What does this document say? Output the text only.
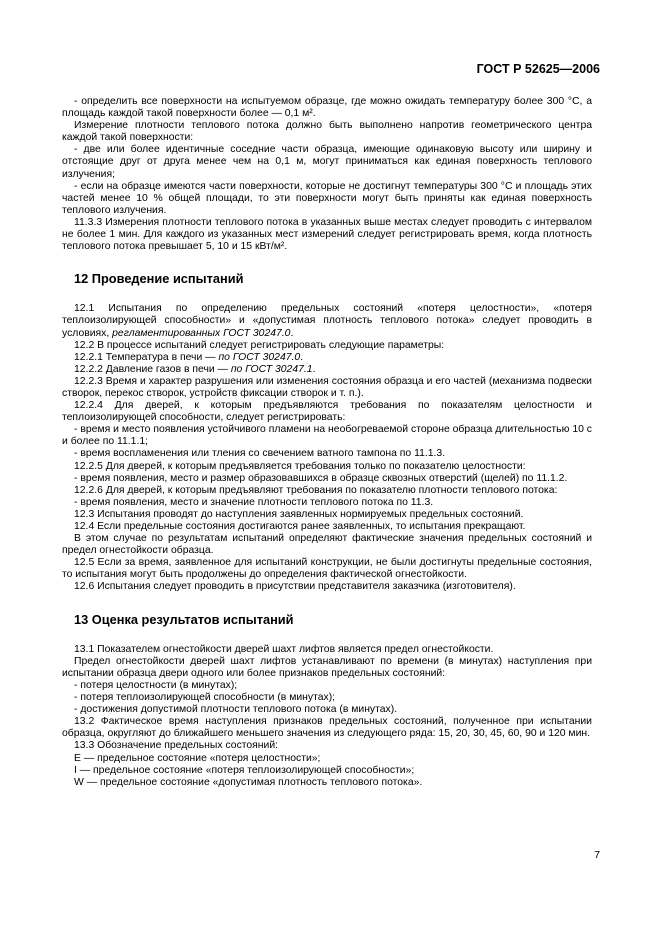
ГОСТ Р 52625—2006

- определить все поверхности на испытуемом образце, где можно ожидать температуру более 300 °С, а площадь каждой такой поверхности более — 0,1 м².

Измерение плотности теплового потока должно быть выполнено напротив геометрического центра каждой такой поверхности:

- две или более идентичные соседние части образца, имеющие одинаковую высоту или ширину и отстоящие друг от друга менее чем на 0,1 м, могут приниматься как единая поверхность теплового излучения;

- если на образце имеются части поверхности, которые не достигнут температуры 300 °С и площадь этих частей менее 10 % общей площади, то эти поверхности могут быть приняты как единая поверхность теплового излучения.

11.3.3 Измерения плотности теплового потока в указанных выше местах следует проводить с интервалом не более 1 мин. Для каждого из указанных мест измерений следует регистрировать время, когда плотность теплового потока превышает 5, 10 и 15 кВт/м².

12 Проведение испытаний

12.1 Испытания по определению предельных состояний «потеря целостности», «потеря теплоизолирующей способности» и «допустимая плотность теплового потока» следует проводить в условиях, регламентированных ГОСТ 30247.0.

12.2 В процессе испытаний следует регистрировать следующие параметры:

12.2.1 Температура в печи — по ГОСТ 30247.0.

12.2.2 Давление газов в печи — по ГОСТ 30247.1.

12.2.3 Время и характер разрушения или изменения состояния образца и его частей (механизма подвески створок, перекос створок, устройств фиксации створок и т. п.).

12.2.4 Для дверей, к которым предъявляются требования по показателям целостности и теплоизолирующей способности, следует регистрировать:

- время и место появления устойчивого пламени на необогреваемой стороне образца длительностью 10 с и более по 11.1.1;

- время воспламенения или тления со свечением ватного тампона по 11.1.3.

12.2.5 Для дверей, к которым предъявляется требования только по показателю целостности:

- время появления, место и размер образовавшихся в образце сквозных отверстий (щелей) по 11.1.2.

12.2.6 Для дверей, к которым предъявляют требования по показателю плотности теплового потока:

- время появления, место и значение плотности теплового потока по 11.3.

12.3 Испытания проводят до наступления заявленных нормируемых предельных состояний.

12.4 Если предельные состояния достигаются ранее заявленных, то испытания прекращают.

В этом случае по результатам испытаний определяют фактические значения предельных состояний и предел огнестойкости образца.

12.5 Если за время, заявленное для испытаний конструкции, не были достигнуты предельные состояния, то испытания могут быть продолжены до определения фактической огнестойкости.

12.6 Испытания следует проводить в присутствии представителя заказчика (изготовителя).

13 Оценка результатов испытаний

13.1 Показателем огнестойкости дверей шахт лифтов является предел огнестойкости.

Предел огнестойкости дверей шахт лифтов устанавливают по времени (в минутах) наступления при испытании образца двери одного или более признаков предельных состояний:

- потеря целостности (в минутах);

- потеря теплоизолирующей способности (в минутах);

- достижения допустимой плотности теплового потока (в минутах).

13.2 Фактическое время наступления признаков предельных состояний, полученное при испытании образца, округляют до ближайшего меньшего значения из следующего ряда: 15, 20, 30, 45, 60, 90 и 120 мин.

13.3 Обозначение предельных состояний:

Е — предельное состояние «потеря целостности»;

I — предельное состояние «потеря теплоизолирующей способности»;

W — предельное состояние «допустимая плотность теплового потока».

7
